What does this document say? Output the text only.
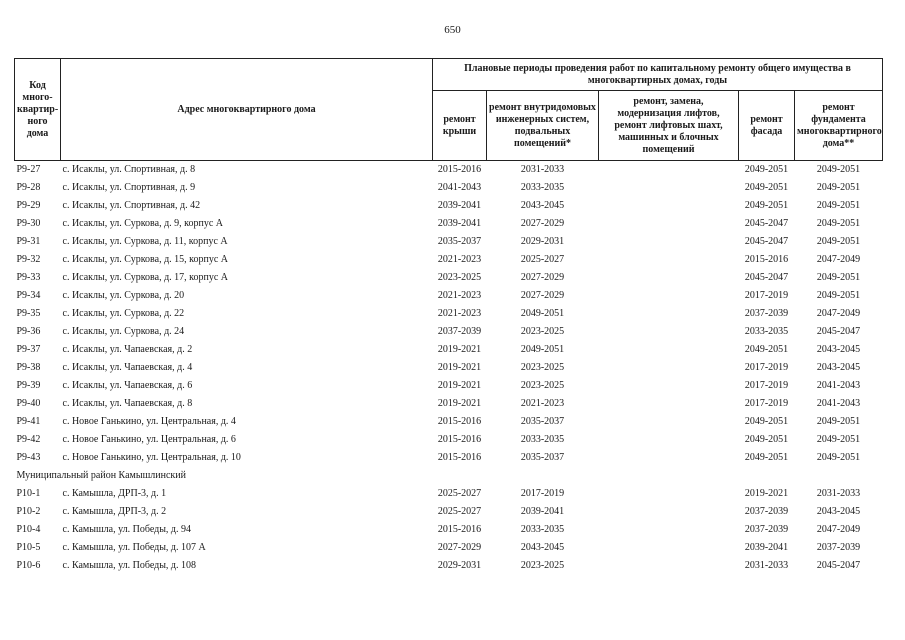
650
Код много-квартир-ного дома	Адрес многоквартирного дома	Плановые периоды проведения работ по капитальному ремонту общего имущества в многоквартирных домах, годы				
		ремонт крыши	ремонт внутридомовых инженерных систем, подвальных помещений*	ремонт, замена, модернизация лифтов, ремонт лифтовых шахт, машинных и блочных помещений	ремонт фасада	ремонт фундамента многоквартирного дома**
Р9-27	с. Исаклы, ул. Спортивная, д. 8	2015-2016	2031-2033		2049-2051	2049-2051
Р9-28	с. Исаклы, ул. Спортивная, д. 9	2041-2043	2033-2035		2049-2051	2049-2051
Р9-29	с. Исаклы, ул. Спортивная, д. 42	2039-2041	2043-2045		2049-2051	2049-2051
Р9-30	с. Исаклы, ул. Суркова, д. 9, корпус А	2039-2041	2027-2029		2045-2047	2049-2051
Р9-31	с. Исаклы, ул. Суркова, д. 11, корпус А	2035-2037	2029-2031		2045-2047	2049-2051
Р9-32	с. Исаклы, ул. Суркова, д. 15, корпус А	2021-2023	2025-2027		2015-2016	2047-2049
Р9-33	с. Исаклы, ул. Суркова, д. 17, корпус А	2023-2025	2027-2029		2045-2047	2049-2051
Р9-34	с. Исаклы, ул. Суркова, д. 20	2021-2023	2027-2029		2017-2019	2049-2051
Р9-35	с. Исаклы, ул. Суркова, д. 22	2021-2023	2049-2051		2037-2039	2047-2049
Р9-36	с. Исаклы, ул. Суркова, д. 24	2037-2039	2023-2025		2033-2035	2045-2047
Р9-37	с. Исаклы, ул. Чапаевская, д. 2	2019-2021	2049-2051		2049-2051	2043-2045
Р9-38	с. Исаклы, ул. Чапаевская, д. 4	2019-2021	2023-2025		2017-2019	2043-2045
Р9-39	с. Исаклы, ул. Чапаевская, д. 6	2019-2021	2023-2025		2017-2019	2041-2043
Р9-40	с. Исаклы, ул. Чапаевская, д. 8	2019-2021	2021-2023		2017-2019	2041-2043
Р9-41	с. Новое Ганькино, ул. Центральная, д. 4	2015-2016	2035-2037		2049-2051	2049-2051
Р9-42	с. Новое Ганькино, ул. Центральная, д. 6	2015-2016	2033-2035		2049-2051	2049-2051
Р9-43	с. Новое Ганькино, ул. Центральная, д. 10	2015-2016	2035-2037		2049-2051	2049-2051
Муниципальный район Камышлинский						
Р10-1	с. Камышла, ДРП-3, д. 1	2025-2027	2017-2019		2019-2021	2031-2033
Р10-2	с. Камышла, ДРП-3, д. 2	2025-2027	2039-2041		2037-2039	2043-2045
Р10-4	с. Камышла, ул. Победы, д. 94	2015-2016	2033-2035		2037-2039	2047-2049
Р10-5	с. Камышла, ул. Победы, д. 107 А	2027-2029	2043-2045		2039-2041	2037-2039
Р10-6	с. Камышла, ул. Победы, д. 108	2029-2031	2023-2025		2031-2033	2045-2047
